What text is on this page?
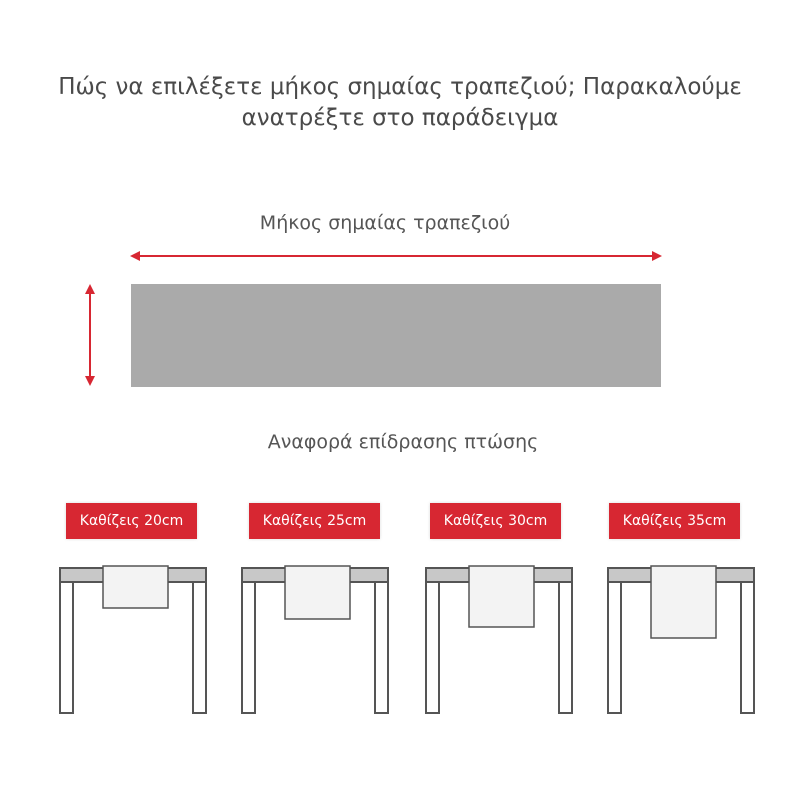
Πώς να επιλέξετε μήκος σημαίας τραπεζιού; Παρακαλούμε
ανατρέξτε στο παράδειγμα
Μήκος σημαίας τραπεζιού
Αναφορά επίδρασης πτώσης
Καθίζεις 20cm	Καθίζεις 25cm	Καθίζεις 30cm	Καθίζεις 35cm
